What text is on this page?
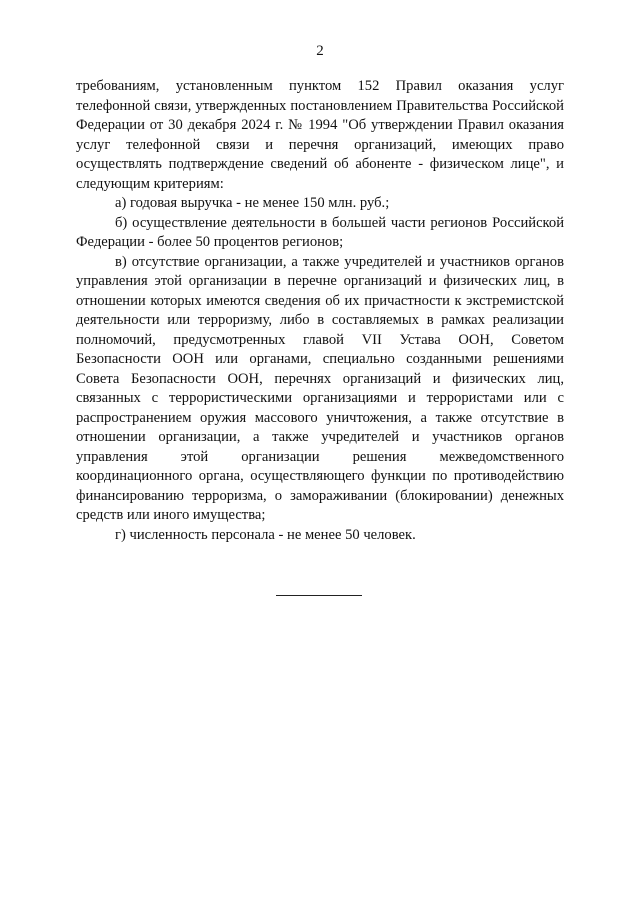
2

требованиям, установленным пунктом 152 Правил оказания услуг телефонной связи, утвержденных постановлением Правительства Российской Федерации от 30 декабря 2024 г. № 1994 "Об утверждении Правил оказания услуг телефонной связи и перечня организаций, имеющих право осуществлять подтверждение сведений об абоненте - физическом лице", и следующим критериям:

а) годовая выручка - не менее 150 млн. руб.;

б) осуществление деятельности в большей части регионов Российской Федерации - более 50 процентов регионов;

в) отсутствие организации, а также учредителей и участников органов управления этой организации в перечне организаций и физических лиц, в отношении которых имеются сведения об их причастности к экстремистской деятельности или терроризму, либо в составляемых в рамках реализации полномочий, предусмотренных главой VII Устава ООН, Советом Безопасности ООН или органами, специально созданными решениями Совета Безопасности ООН, перечнях организаций и физических лиц, связанных с террористическими организациями и террористами или с распространением оружия массового уничтожения, а также отсутствие в отношении организации, а также учредителей и участников органов управления этой организации решения межведомственного координационного органа, осуществляющего функции по противодействию финансированию терроризма, о замораживании (блокировании) денежных средств или иного имущества;

г) численность персонала - не менее 50 человек.
